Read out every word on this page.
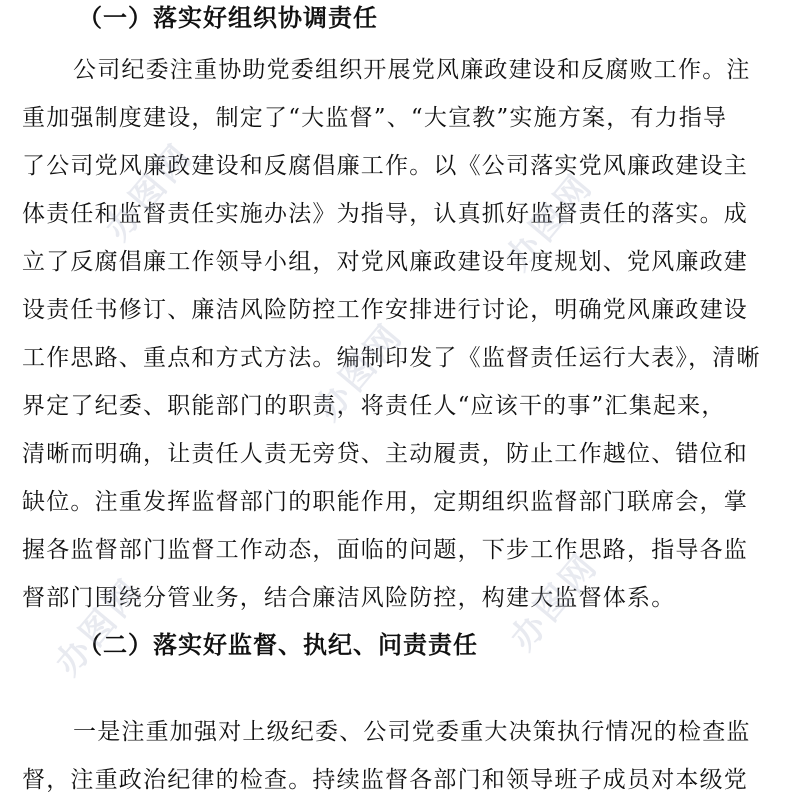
（一）落实好组织协调责任
公司纪委注重协助党委组织开展党风廉政建设和反腐败工作。注
重加强制度建设，制定了“大监督”、“大宣教”实施方案，有力指导
了公司党风廉政建设和反腐倡廉工作。以《公司落实党风廉政建设主
体责任和监督责任实施办法》为指导，认真抓好监督责任的落实。成
立了反腐倡廉工作领导小组，对党风廉政建设年度规划、党风廉政建
设责任书修订、廉洁风险防控工作安排进行讨论，明确党风廉政建设
工作思路、重点和方式方法。编制印发了《监督责任运行大表》，清晰
界定了纪委、职能部门的职责，将责任人“应该干的事”汇集起来，
清晰而明确，让责任人责无旁贷、主动履责，防止工作越位、错位和
缺位。注重发挥监督部门的职能作用，定期组织监督部门联席会，掌
握各监督部门监督工作动态，面临的问题，下步工作思路，指导各监
督部门围绕分管业务，结合廉洁风险防控，构建大监督体系。
（二）落实好监督、执纪、问责责任
一是注重加强对上级纪委、公司党委重大决策执行情况的检查监
督，注重政治纪律的检查。持续监督各部门和领导班子成员对本级党
办图网
办图网
办图网
办图网
办图网
